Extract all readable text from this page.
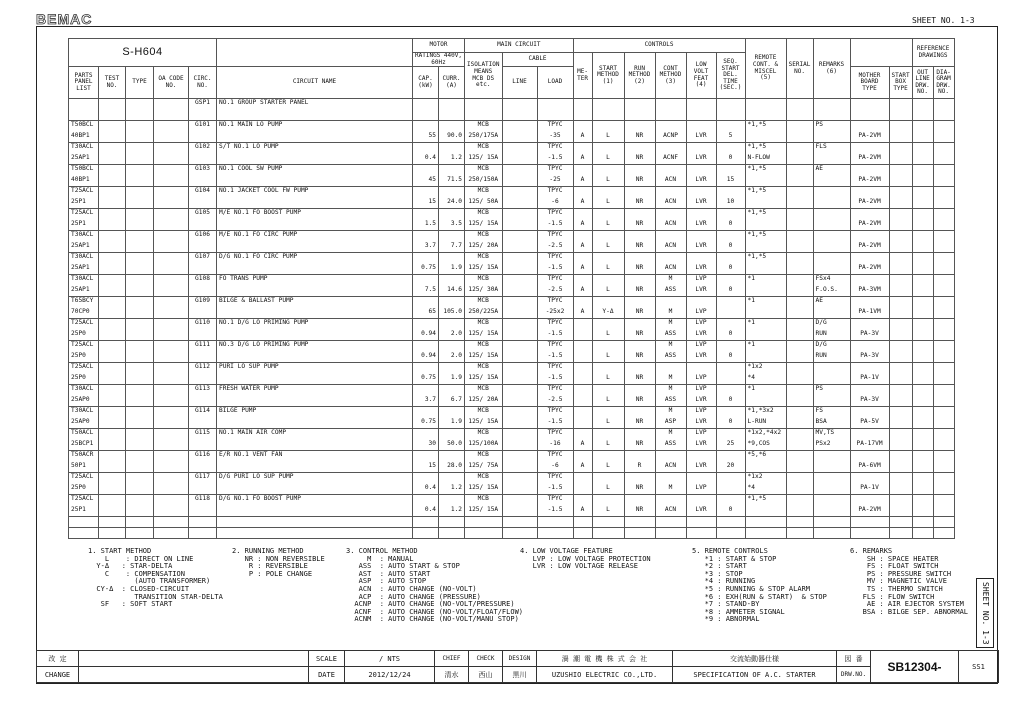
BEMAC	SHEET NO. 1-3
S-H604						MOTOR		MAIN CIRCUIT			CONTROLS						REMOTE CONT. & MISCEL (5)	SERIAL NO.	REMARKS (6)			REFERENCE DRAWINGS	
						RATINGS 440V, 60Hz		ISOLATION MEANS
MCB DS etc.	CABLE		ME- TER	START METHOD (1)	RUN METHOD (2)	CONT METHOD (3)	LOW VOLT FEAT (4)	SEQ. START DEL. TIME (SEC.)							
PARTS PANEL LIST	TEST NO.	TYPE	OA CODE NO.	CIRC. NO.	CIRCUIT NAME	CAP. (kW)	CURR. (A)		LINE	LOAD										MOTHER BOARD TYPE	START BOX TYPE	OUT LINE DRW. NO.	DIA- GRAM DRW. NO.
				GSP1	NO.1 GROUP STARTER PANEL																		

T50BCL				G101	NO.1 MAIN LO PUMP			MCB		TPYC							*1,*5		PS				
40BP1						55	90.0	250/175A		-35	A	L	NR	ACNP	LVR	5				PA-2VM			
T30ACL				G102	S/T NO.1 LO PUMP			MCB		TPYC							*1,*5		FLS				
25AP1						0.4	1.2	125/ 15A		-1.5	A	L	NR	ACNF	LVR	0	N-FLOW			PA-2VM			
T50BCL				G103	NO.1 COOL SW PUMP			MCB		TPYC							*1,*5		AE				
40BP1						45	71.5	250/150A		-25	A	L	NR	ACN	LVR	15				PA-2VM			
T25ACL				G104	NO.1 JACKET COOL FW PUMP			MCB		TPYC							*1,*5						
25P1						15	24.0	125/ 50A		-6	A	L	NR	ACN	LVR	10				PA-2VM			
T25ACL				G105	M/E NO.1 FO BOOST PUMP			MCB		TPYC							*1,*5						
25P1						1.5	3.5	125/ 15A		-1.5	A	L	NR	ACN	LVR	0				PA-2VM			
T30ACL				G106	M/E NO.1 FO CIRC PUMP			MCB		TPYC							*1,*5						
25AP1						3.7	7.7	125/ 20A		-2.5	A	L	NR	ACN	LVR	0				PA-2VM			
T30ACL				G107	D/G NO.1 FO CIRC PUMP			MCB		TPYC							*1,*5						
25AP1						0.75	1.9	125/ 15A		-1.5	A	L	NR	ACN	LVR	0				PA-2VM			
T30ACL				G108	FO TRANS PUMP			MCB		TPYC				M	LVP		*1		FSx4				
25AP1						7.5	14.6	125/ 30A		-2.5	A	L	NR	ASS	LVR	0			F.O.S.	PA-3VM			
T65BCY				G109	BILGE & BALLAST PUMP			MCB		TPYC							*1		AE				
70CP0						65	105.0	250/225A		-25x2	A	Y-Δ	NR	M	LVP					PA-1VM			
T25ACL				G110	NO.1 D/G LO PRIMING PUMP			MCB		TPYC				M	LVP		*1		D/G				
25P0						0.94	2.0	125/ 15A		-1.5		L	NR	ASS	LVR	0			RUN	PA-3V			
T25ACL				G111	NO.3 D/G LO PRIMING PUMP			MCB		TPYC				M	LVP		*1		D/G				
25P0						0.94	2.0	125/ 15A		-1.5		L	NR	ASS	LVR	0			RUN	PA-3V			
T25ACL				G112	PURI LO SUP PUMP			MCB		TPYC							*1x2						
25P0						0.75	1.9	125/ 15A		-1.5		L	NR	M	LVP		*4			PA-1V			
T30ACL				G113	FRESH WATER PUMP			MCB		TPYC				M	LVP		*1		PS				
25AP0						3.7	6.7	125/ 20A		-2.5		L	NR	ASS	LVR	0				PA-3V			
T30ACL				G114	BILGE PUMP			MCB		TPYC				M	LVP		*1,*3x2		FS				
25AP0						0.75	1.9	125/ 15A		-1.5		L	NR	ASP	LVR	0	L-RUN		BSA	PA-5V			
T50ACL				G115	NO.1 MAIN AIR COMP			MCB		TPYC				M	LVP		*1x2,*4x2		MV,TS				
25BCP1						30	50.0	125/100A		-16	A	L	NR	ASS	LVR	25	*9,COS		PSx2	PA-17VM			
T50ACR				G116	E/R NO.1 VENT FAN			MCB		TPYC							*5,*6						
50P1						15	28.0	125/ 75A		-6	A	L	R	ACN	LVR	20				PA-6VM			
T25ACL				G117	D/G PURI LO SUP PUMP			MCB		TPYC							*1x2						
25P0						0.4	1.2	125/ 15A		-1.5		L	NR	M	LVP		*4			PA-1V			
T25ACL				G118	D/G NO.1 FO BOOST PUMP			MCB		TPYC							*1,*5						
25P1						0.4	1.2	125/ 15A		-1.5	A	L	NR	ACN	LVR	0				PA-2VM			

1. START METHOD
L    : DIRECT ON LINE
Y-Δ   : STAR-DELTA
C    : COMPENSATION
(AUTO TRANSFORMER)
CY-Δ  : CLOSED-CIRCUIT
TRANSITION STAR-DELTA
SF   : SOFT START
2. RUNNING METHOD
NR : NON REVERSIBLE
R : REVERSIBLE
P : POLE CHANGE
3. CONTROL METHOD
M  : MANUAL
ASS  : AUTO START & STOP
AST  : AUTO START
ASP  : AUTO STOP
ACN  : AUTO CHANGE (NO-VOLT)
ACP  : AUTO CHANGE (PRESSURE)
ACNP  : AUTO CHANGE (NO-VOLT/PRESSURE)
ACNF  : AUTO CHANGE (NO-VOLT/FLOAT/FLOW)
ACNM  : AUTO CHANGE (NO-VOLT/MANU STOP)
4. LOW VOLTAGE FEATURE
LVP : LOW VOLTAGE PROTECTION
LVR : LOW VOLTAGE RELEASE
5. REMOTE CONTROLS
*1 : START & STOP
*2 : START
*3 : STOP
*4 : RUNNING
*5 : RUNNING & STOP ALARM
*6 : EXH(RUN & START)  & STOP
*7 : STAND-BY
*8 : AMMETER SIGNAL
*9 : ABNORMAL
6. REMARKS
SH : SPACE HEATER
FS : FLOAT SWITCH
PS : PRESSURE SWITCH
MV : MAGNETIC VALVE
TS : THERMO SWITCH
FLS : FLOW SWITCH
AE : AIR EJECTOR SYSTEM
BSA : BILGE SEP. ABNORMAL	SHEET NO. 1-3
改 定		SCALE	/ NTS	CHIEF	CHECK	DESIGN	渦 潮 電 機 株 式 会 社	交流始動器仕様	図 番	SB12304-	SS1
CHANGE		DATE	2012/12/24	清水	西山	黒川	UZUSHIO ELECTRIC CO.,LTD.	SPECIFICATION OF A.C. STARTER	DRW.NO.		
